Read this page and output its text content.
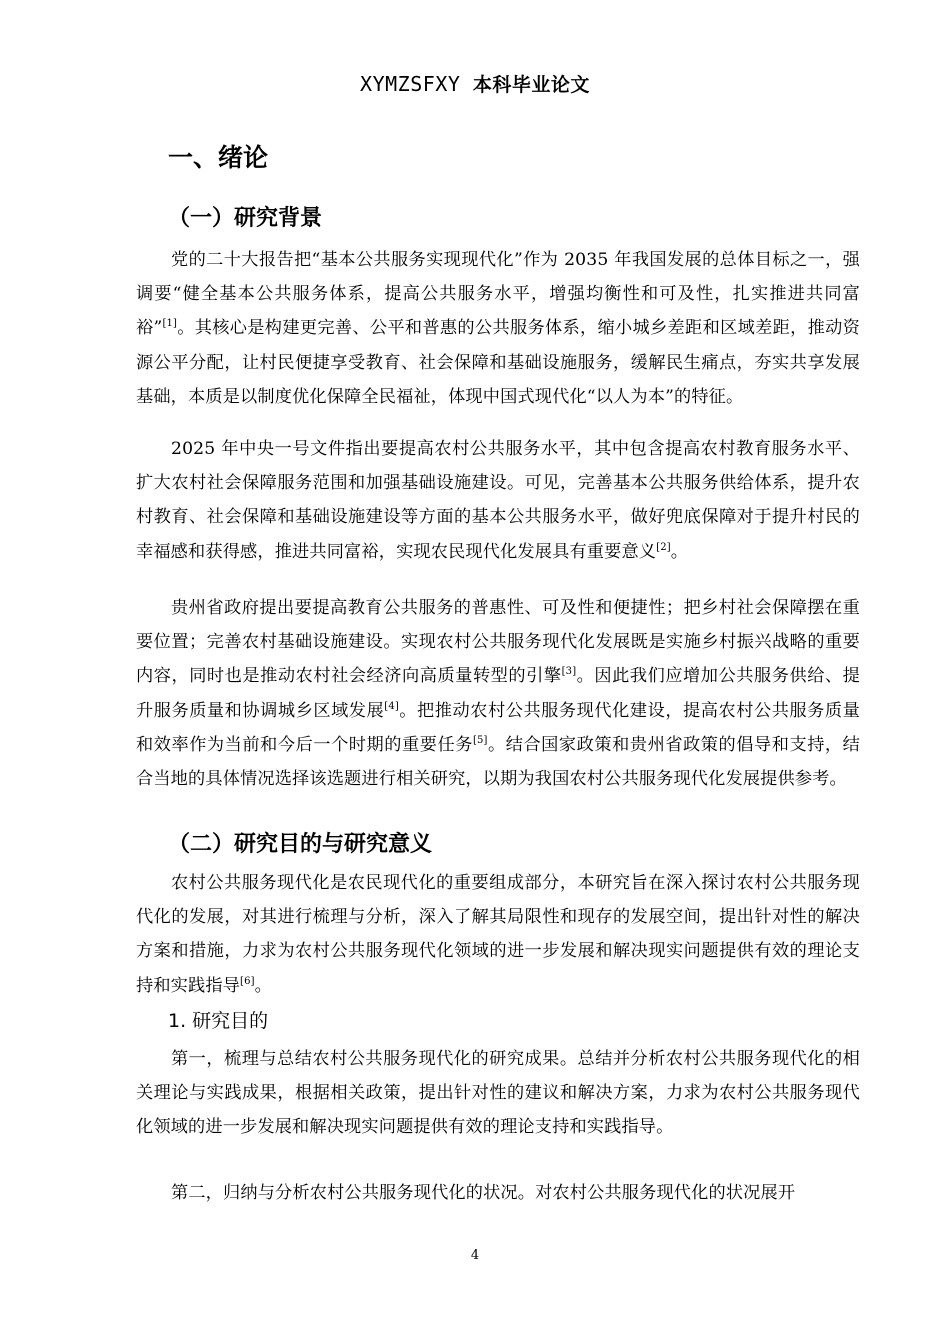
XYMZSFXY 本科毕业论文
一、绪论
（一）研究背景

党的二十大报告把“基本公共服务实现现代化”作为 2035 年我国发展的总体目标之一，强调要“健全基本公共服务体系，提高公共服务水平，增强均衡性和可及性，扎实推进共同富裕”[1]。其核心是构建更完善、公平和普惠的公共服务体系，缩小城乡差距和区域差距，推动资源公平分配，让村民便捷享受教育、社会保障和基础设施服务，缓解民生痛点，夯实共享发展基础，本质是以制度优化保障全民福祉，体现中国式现代化“以人为本”的特征。

2025 年中央一号文件指出要提高农村公共服务水平，其中包含提高农村教育服务水平、扩大农村社会保障服务范围和加强基础设施建设。可见，完善基本公共服务供给体系，提升农村教育、社会保障和基础设施建设等方面的基本公共服务水平，做好兜底保障对于提升村民的幸福感和获得感，推进共同富裕，实现农民现代化发展具有重要意义[2]。

贵州省政府提出要提高教育公共服务的普惠性、可及性和便捷性；把乡村社会保障摆在重要位置；完善农村基础设施建设。实现农村公共服务现代化发展既是实施乡村振兴战略的重要内容，同时也是推动农村社会经济向高质量转型的引擎[3]。因此我们应增加公共服务供给、提升服务质量和协调城乡区域发展[4]。把推动农村公共服务现代化建设，提高农村公共服务质量和效率作为当前和今后一个时期的重要任务[5]。结合国家政策和贵州省政策的倡导和支持，结合当地的具体情况选择该选题进行相关研究，以期为我国农村公共服务现代化发展提供参考。

（二）研究目的与研究意义

农村公共服务现代化是农民现代化的重要组成部分，本研究旨在深入探讨农村公共服务现代化的发展，对其进行梳理与分析，深入了解其局限性和现存的发展空间，提出针对性的解决方案和措施，力求为农村公共服务现代化领域的进一步发展和解决现实问题提供有效的理论支持和实践指导[6]。

1. 研究目的

第一，梳理与总结农村公共服务现代化的研究成果。总结并分析农村公共服务现代化的相关理论与实践成果，根据相关政策，提出针对性的建议和解决方案，力求为农村公共服务现代化领域的进一步发展和解决现实问题提供有效的理论支持和实践指导。

第二，归纳与分析农村公共服务现代化的状况。对农村公共服务现代化的状况展开

4
